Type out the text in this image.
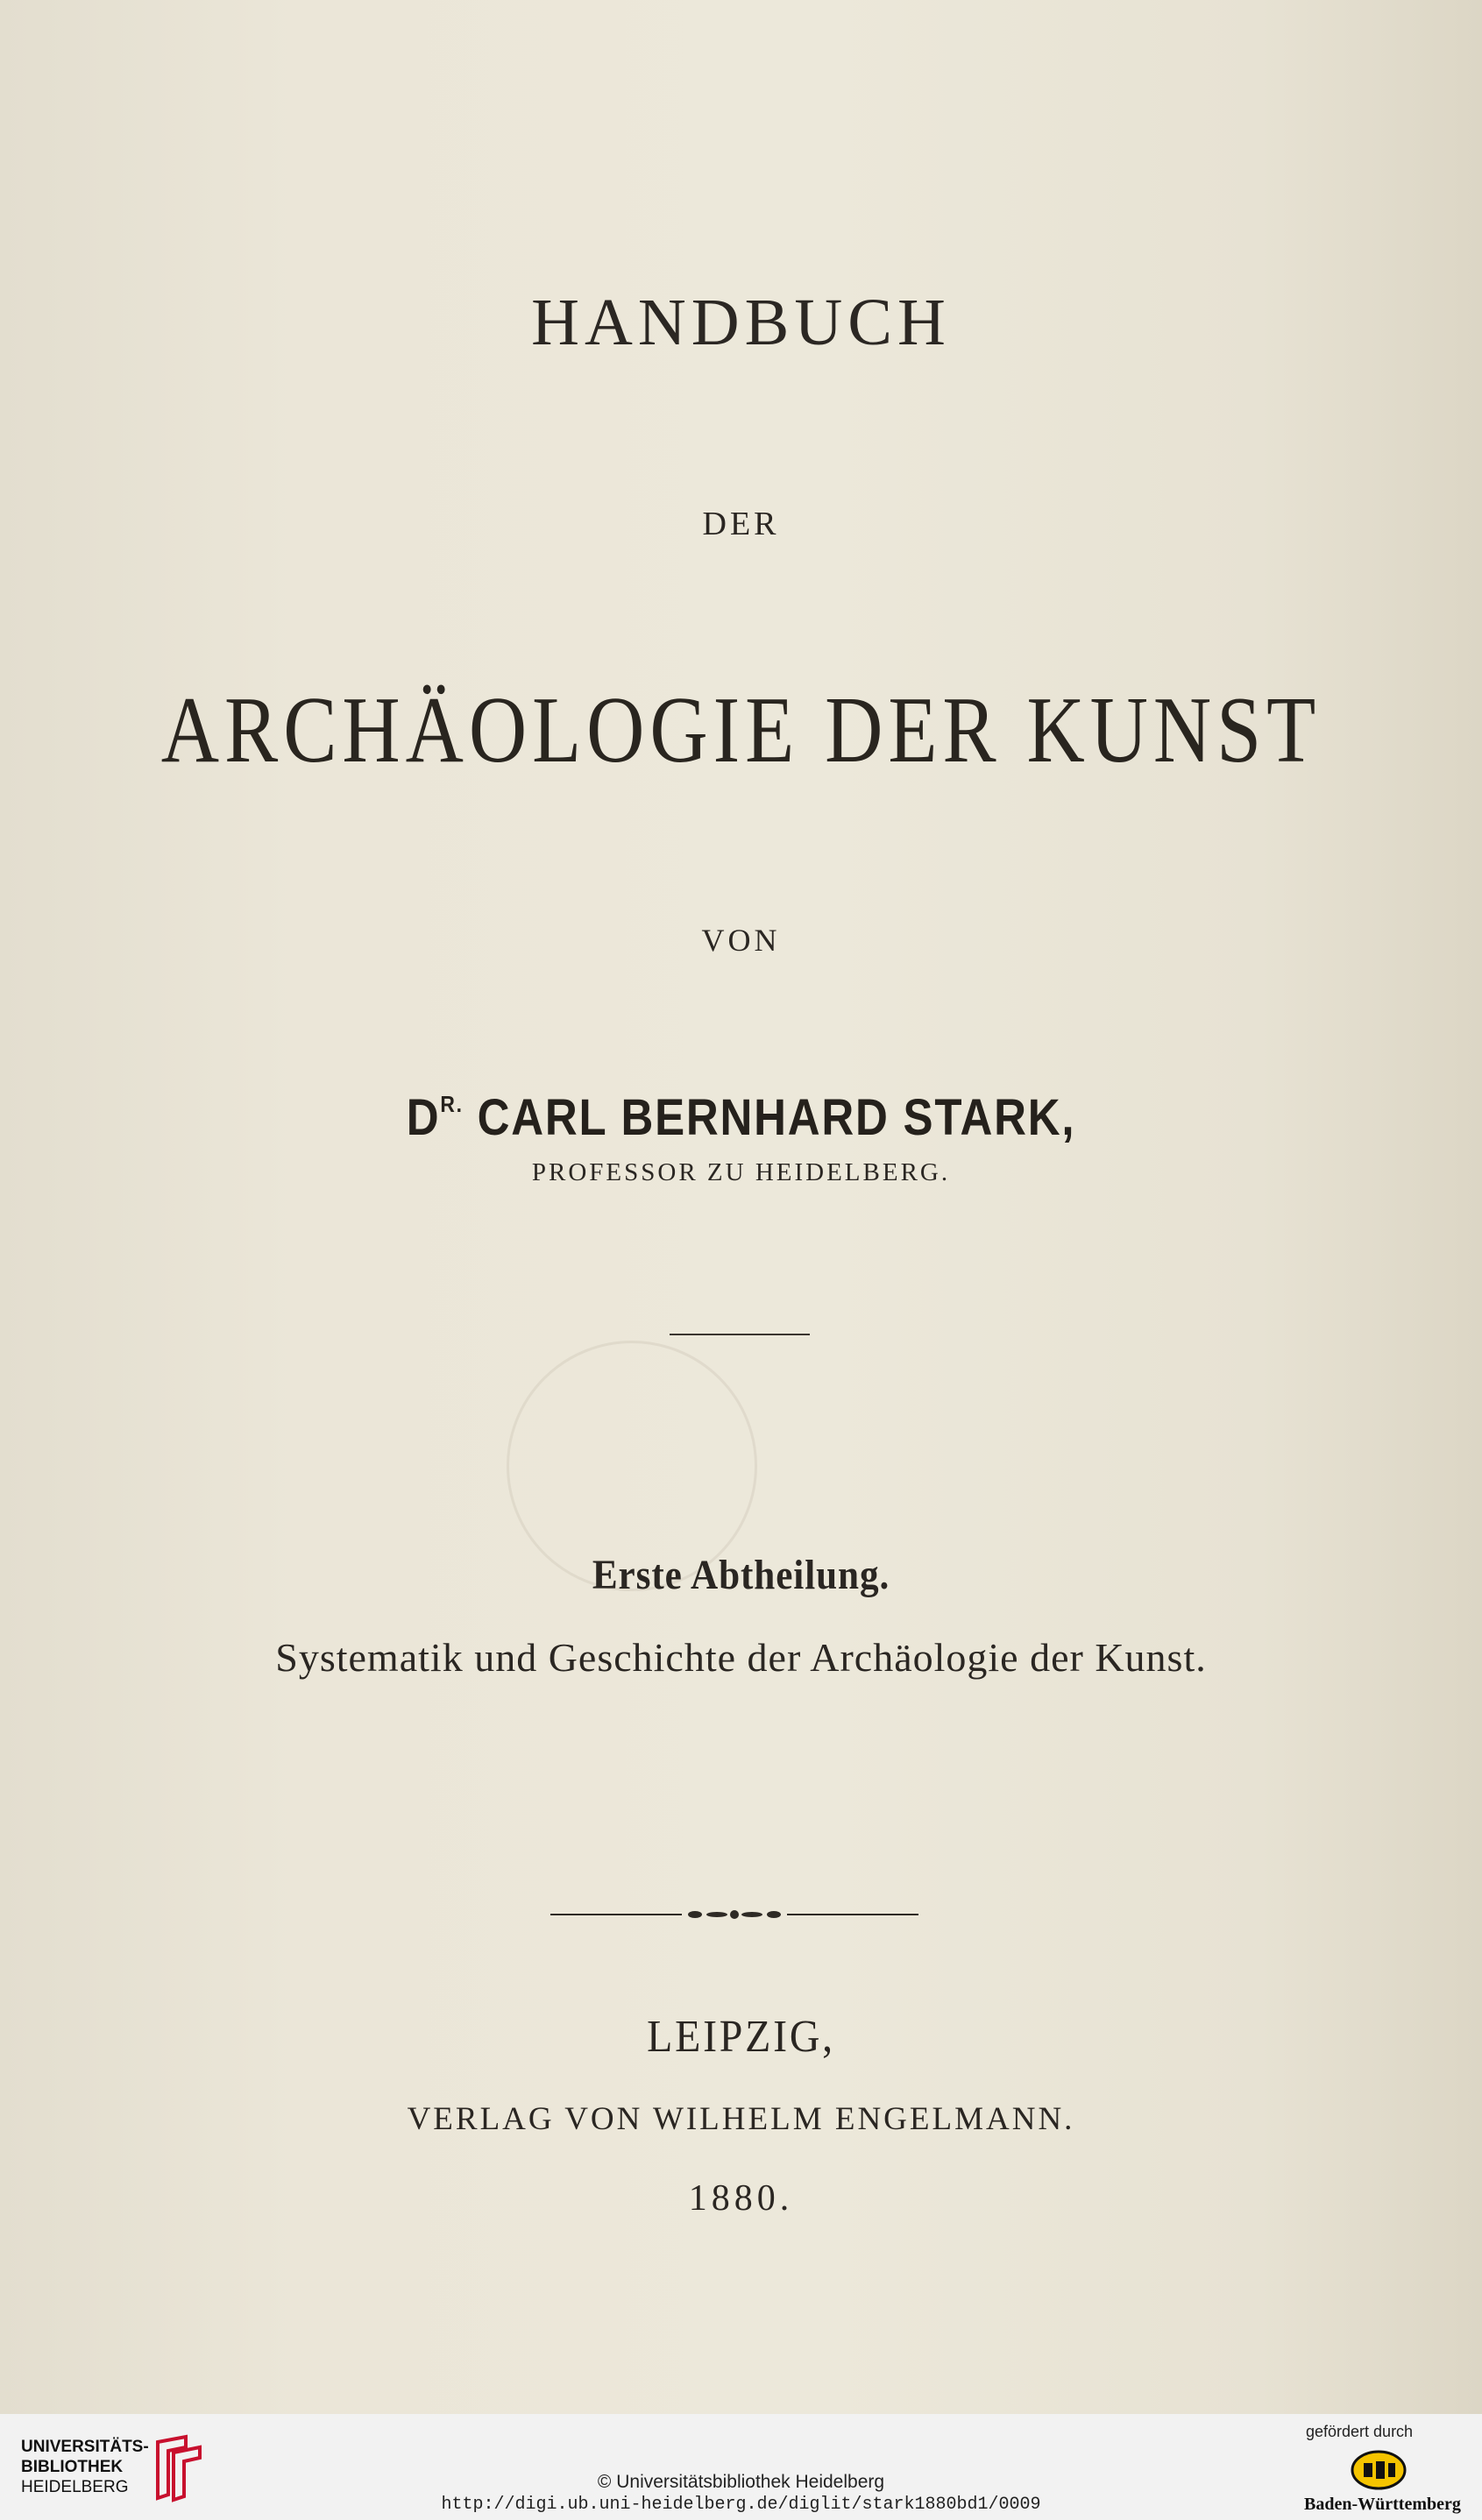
HANDBUCH
DER
ARCHÄOLOGIE DER KUNST
VON
$D^{R.}$ CARL BERNHARD STARK,
PROFESSOR ZU HEIDELBERG.
Erste Abtheilung.
Systematik und Geschichte der Archäologie der Kunst.
LEIPZIG,
VERLAG VON WILHELM ENGELMANN.
1880.
UNIVERSITÄTS-
BIBLIOTHEK
HEIDELBERG	© Universitätsbibliothek Heidelberg
http://digi.ub.uni-heidelberg.de/diglit/stark1880bd1/0009
gefördert durch
Baden-Württemberg
